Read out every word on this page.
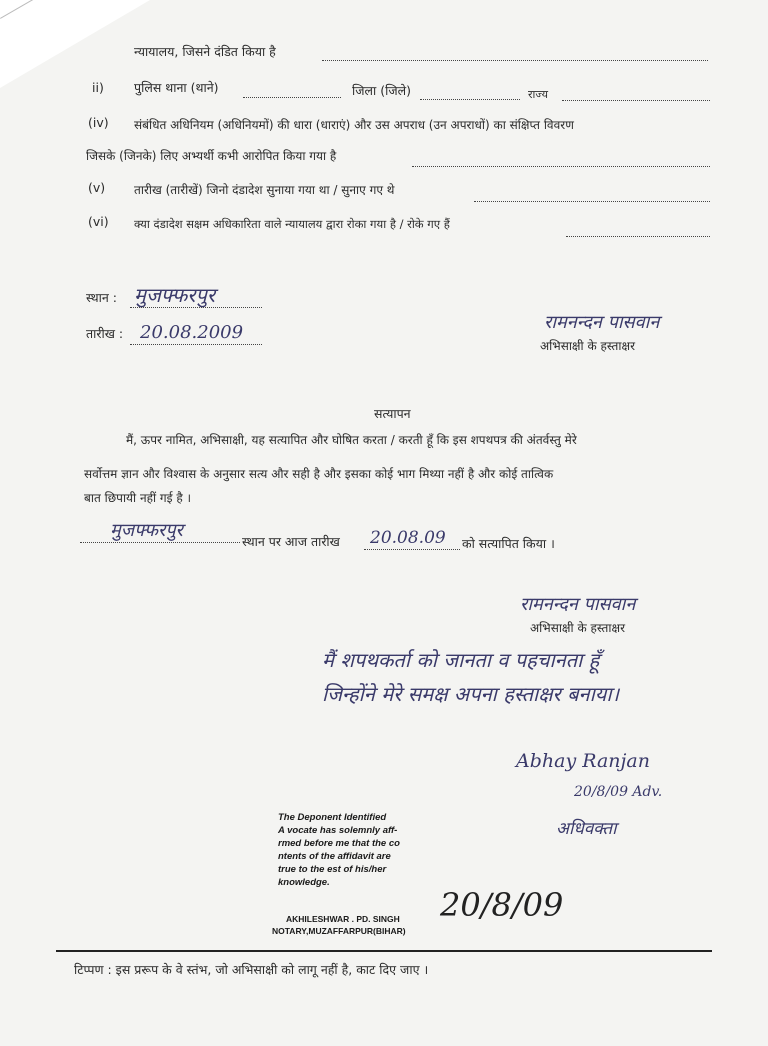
न्यायालय, जिसने दंडित किया है
ii) पुलिस थाना (थाने)	जिला (जिले)	राज्य
(iv) संबंधित अधिनियम (अधिनियमों) की धारा (धाराएं) और उस अपराध (उन अपराधों) का संक्षिप्त विवरण
जिसके (जिनके) लिए अभ्यर्थी कभी आरोपित किया गया है
(v) तारीख (तारीखें) जिनो दंडादेश सुनाया गया था / सुनाए गए थे
(vi) क्या दंडादेश सक्षम अधिकारिता वाले न्यायालय द्वारा रोका गया है / रोके गए हैं
स्थान : मुजफ्फरपुर
तारीख : 20.08.2009	रामनन्दन पासवान
अभिसाक्षी के हस्ताक्षर
सत्यापन
मैं, ऊपर नामित, अभिसाक्षी, यह सत्यापित और घोषित करता / करती हूँ कि इस शपथपत्र की अंतर्वस्तु मेरे
सर्वोत्तम ज्ञान और विश्वास के अनुसार सत्य और सही है और इसका कोई भाग मिथ्या नहीं है और कोई तात्विक
बात छिपायी नहीं गई है ।
मुजफ्फरपुर
स्थान पर आज तारीख 20.08.09 को सत्यापित किया ।
रामनन्दन पासवान
अभिसाक्षी के हस्ताक्षर
मैं शपथकर्ता को जानता व पहचानता हूँ
जिन्होंने मेरे समक्ष अपना हस्ताक्षर बनाया।
Abhay Ranjan
20/8/09 Adv.
अधिवक्ता
The Deponent Identified
A vocate has solemnly aff-
rmed before me that the co
ntents of the affidavit are
true to the est of his/her
knowledge.
AKHILESHWAR . PD. SINGH
NOTARY,MUZAFFARPUR(BIHAR)
20/8/09
टिप्पण : इस प्ररूप के वे स्तंभ, जो अभिसाक्षी को लागू नहीं है, काट दिए जाए ।
